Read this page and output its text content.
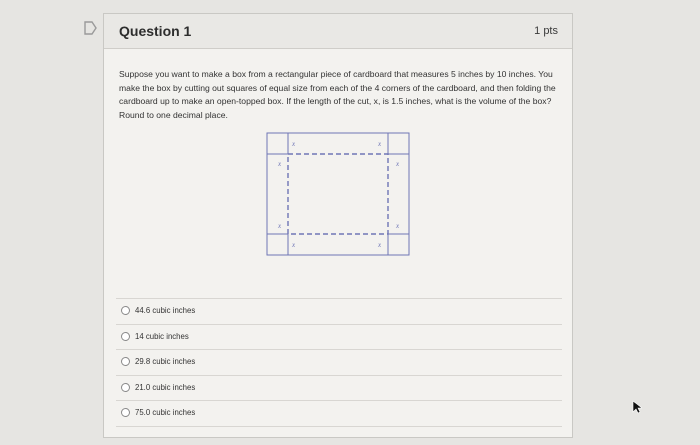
Question 1	1 pts
Suppose you want to make a box from a rectangular piece of cardboard that measures 5 inches by 10 inches. You make the box by cutting out squares of equal size from each of the 4 corners of the cardboard, and then folding the cardboard up to make an open-topped box. If the length of the cut, x, is 1.5 inches, what is the volume of the box? Round to one decimal place.
x	x
x	x
x	x
x	x
44.6 cubic inches
14 cubic inches
29.8 cubic inches
21.0 cubic inches
75.0 cubic inches
